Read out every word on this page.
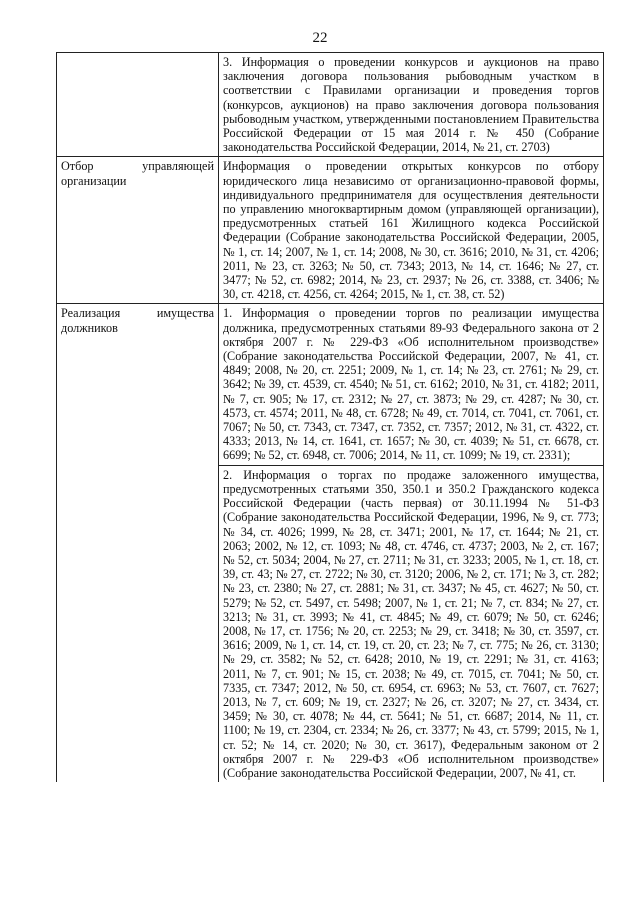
22

	3. Информация о проведении конкурсов и аукционов на право заключения договора пользования рыбоводным участком в соответствии с Правилами организации и проведения торгов (конкурсов, аукционов) на право заключения договора пользования рыбоводным участком, утвержденными постановлением Правительства Российской Федерации от 15 мая 2014 г. № 450 (Собрание законодательства Российской Федерации, 2014, № 21, ст. 2703)

Отбор управляющей организации	Информация о проведении открытых конкурсов по отбору юридического лица независимо от организационно-правовой формы, индивидуального предпринимателя для осуществления деятельности по управлению многоквартирным домом (управляющей организации), предусмотренных статьей 161 Жилищного кодекса Российской Федерации (Собрание законодательства Российской Федерации, 2005, № 1, ст. 14; 2007, № 1, ст. 14; 2008, № 30, ст. 3616; 2010, № 31, ст. 4206; 2011, № 23, ст. 3263; № 50, ст. 7343; 2013, № 14, ст. 1646; № 27, ст. 3477; № 52, ст. 6982; 2014, № 23, ст. 2937; № 26, ст. 3388, ст. 3406; № 30, ст. 4218, ст. 4256, ст. 4264; 2015, № 1, ст. 38, ст. 52)

Реализация имущества должников	1. Информация о проведении торгов по реализации имущества должника, предусмотренных статьями 89-93 Федерального закона от 2 октября 2007 г. № 229-ФЗ «Об исполнительном производстве» (Собрание законодательства Российской Федерации, 2007, № 41, ст. 4849; 2008, № 20, ст. 2251; 2009, № 1, ст. 14; № 23, ст. 2761; № 29, ст. 3642; № 39, ст. 4539, ст. 4540; № 51, ст. 6162; 2010, № 31, ст. 4182; 2011, № 7, ст. 905; № 17, ст. 2312; № 27, ст. 3873; № 29, ст. 4287; № 30, ст. 4573, ст. 4574; 2011, № 48, ст. 6728; № 49, ст. 7014, ст. 7041, ст. 7061, ст. 7067; № 50, ст. 7343, ст. 7347, ст. 7352, ст. 7357; 2012, № 31, ст. 4322, ст. 4333; 2013, № 14, ст. 1641, ст. 1657; № 30, ст. 4039; № 51, ст. 6678, ст. 6699; № 52, ст. 6948, ст. 7006; 2014, № 11, ст. 1099; № 19, ст. 2331);

	2. Информация о торгах по продаже заложенного имущества, предусмотренных статьями 350, 350.1 и 350.2 Гражданского кодекса Российской Федерации (часть первая) от 30.11.1994 № 51-ФЗ (Собрание законодательства Российской Федерации, 1996, № 9, ст. 773; № 34, ст. 4026; 1999, № 28, ст. 3471; 2001, № 17, ст. 1644; № 21, ст. 2063; 2002, № 12, ст. 1093; № 48, ст. 4746, ст. 4737; 2003, № 2, ст. 167; № 52, ст. 5034; 2004, № 27, ст. 2711; № 31, ст. 3233; 2005, № 1, ст. 18, ст. 39, ст. 43; № 27, ст. 2722; № 30, ст. 3120; 2006, № 2, ст. 171; № 3, ст. 282; № 23, ст. 2380; № 27, ст. 2881; № 31, ст. 3437; № 45, ст. 4627; № 50, ст. 5279; № 52, ст. 5497, ст. 5498; 2007, № 1, ст. 21; № 7, ст. 834; № 27, ст. 3213; № 31, ст. 3993; № 41, ст. 4845; № 49, ст. 6079; № 50, ст. 6246; 2008, № 17, ст. 1756; № 20, ст. 2253; № 29, ст. 3418; № 30, ст. 3597, ст. 3616; 2009, № 1, ст. 14, ст. 19, ст. 20, ст. 23; № 7, ст. 775; № 26, ст. 3130; № 29, ст. 3582; № 52, ст. 6428; 2010, № 19, ст. 2291; № 31, ст. 4163; 2011, № 7, ст. 901; № 15, ст. 2038; № 49, ст. 7015, ст. 7041; № 50, ст. 7335, ст. 7347; 2012, № 50, ст. 6954, ст. 6963; № 53, ст. 7607, ст. 7627; 2013, № 7, ст. 609; № 19, ст. 2327; № 26, ст. 3207; № 27, ст. 3434, ст. 3459; № 30, ст. 4078; № 44, ст. 5641; № 51, ст. 6687; 2014, № 11, ст. 1100; № 19, ст. 2304, ст. 2334; № 26, ст. 3377; № 43, ст. 5799; 2015, № 1, ст. 52; № 14, ст. 2020; № 30, ст. 3617), Федеральным законом от 2 октября 2007 г. № 229-ФЗ «Об исполнительном производстве» (Собрание законодательства Российской Федерации, 2007, № 41, ст.
